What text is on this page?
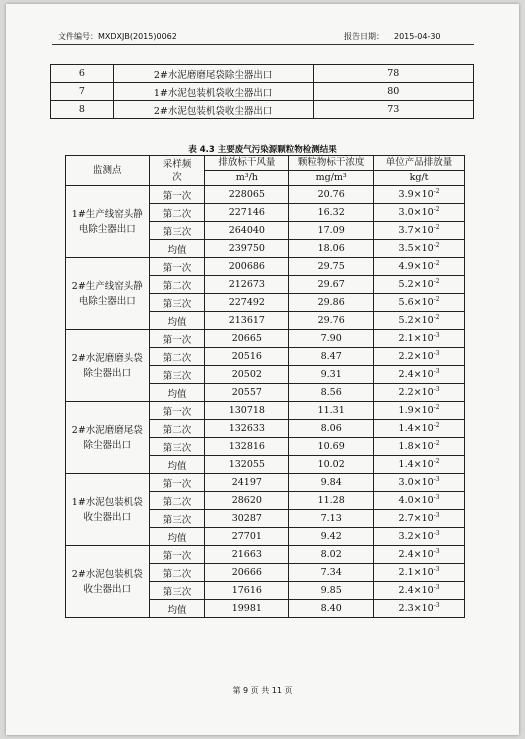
文件编号：MXDXJB(2015)0062	报告日期： 2015-04-30
6	2#水泥磨磨尾袋除尘器出口	78
7	1#水泥包装机袋收尘器出口	80
8	2#水泥包装机袋收尘器出口	73
表 4.3 主要废气污染源颗粒物检测结果
监测点	采样频次	排放标干风量	颗粒物标干浓度	单位产品排放量
		m³/h	mg/m³	kg/t
1#生产线窑头静电除尘器出口	第一次	228065	20.76	$3.9\times 10^{-2}$
	第二次	227146	16.32	$3.0\times 10^{-2}$
	第三次	264040	17.09	$3.7\times 10^{-2}$
	均值	239750	18.06	$3.5\times 10^{-2}$
2#生产线窑头静电除尘器出口	第一次	200686	29.75	$4.9\times 10^{-2}$
	第二次	212673	29.67	$5.2\times 10^{-2}$
	第三次	227492	29.86	$5.6\times 10^{-2}$
	均值	213617	29.76	$5.2\times 10^{-2}$
2#水泥磨磨头袋除尘器出口	第一次	20665	7.90	$2.1\times 10^{-3}$
	第二次	20516	8.47	$2.2\times 10^{-3}$
	第三次	20502	9.31	$2.4\times 10^{-3}$
	均值	20557	8.56	$2.2\times 10^{-3}$
2#水泥磨磨尾袋除尘器出口	第一次	130718	11.31	$1.9\times 10^{-2}$
	第二次	132633	8.06	$1.4\times 10^{-2}$
	第三次	132816	10.69	$1.8\times 10^{-2}$
	均值	132055	10.02	$1.4\times 10^{-2}$
1#水泥包装机袋收尘器出口	第一次	24197	9.84	$3.0\times 10^{-3}$
	第二次	28620	11.28	$4.0\times 10^{-3}$
	第三次	30287	7.13	$2.7\times 10^{-3}$
	均值	27701	9.42	$3.2\times 10^{-3}$
2#水泥包装机袋收尘器出口	第一次	21663	8.02	$2.4\times 10^{-3}$
	第二次	20666	7.34	$2.1\times 10^{-3}$
	第三次	17616	9.85	$2.4\times 10^{-3}$
	均值	19981	8.40	$2.3\times 10^{-3}$
第 9 页 共 11 页
